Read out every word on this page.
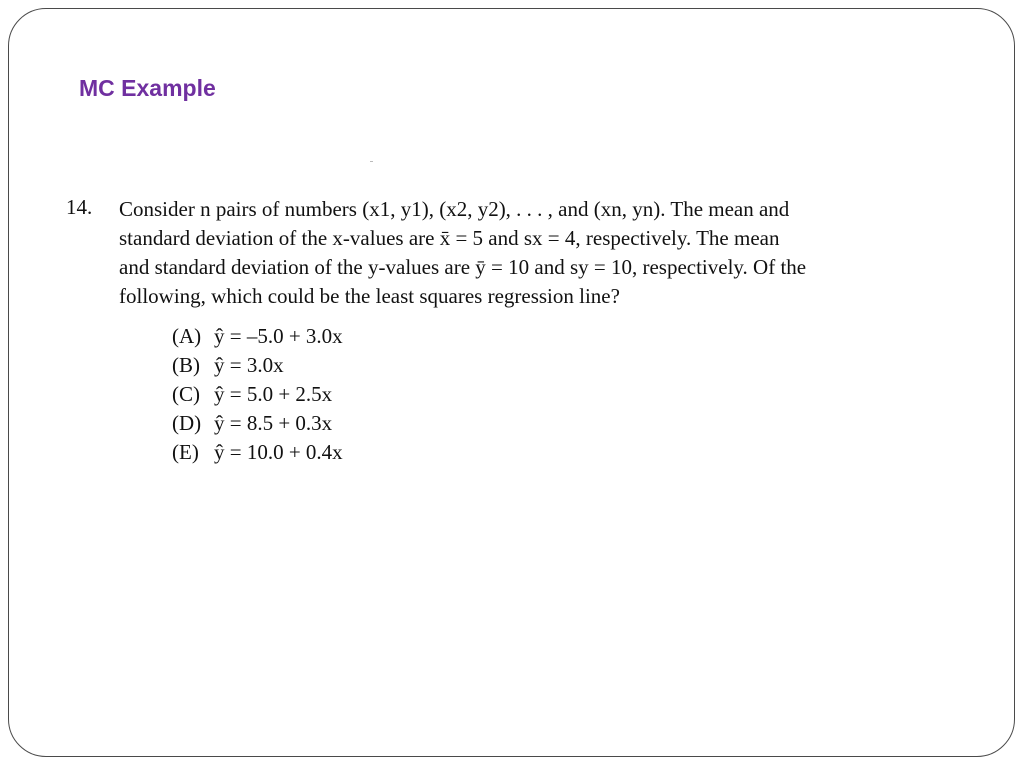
MC Example
14. Consider n pairs of numbers (x1, y1), (x2, y2), . . . , and (xn, yn). The mean and
standard deviation of the x-values are x̄ = 5 and sx = 4, respectively. The mean
and standard deviation of the y-values are ȳ = 10 and sy = 10, respectively. Of the
following, which could be the least squares regression line?
(A) ŷ = –5.0 + 3.0x
(B) ŷ = 3.0x
(C) ŷ = 5.0 + 2.5x
(D) ŷ = 8.5 + 0.3x
(E) ŷ = 10.0 + 0.4x
